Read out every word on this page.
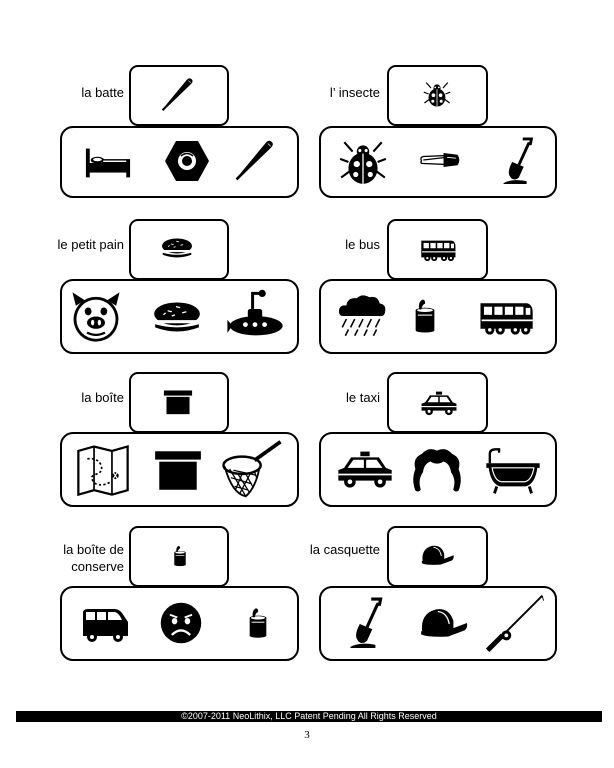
la batte	l’ insecte
le petit pain	le bus
la boîte	le taxi
la boîte de conserve
la casquette
©2007-2011 NeoLithix, LLC Patent Pending All Rights Reserved
3
